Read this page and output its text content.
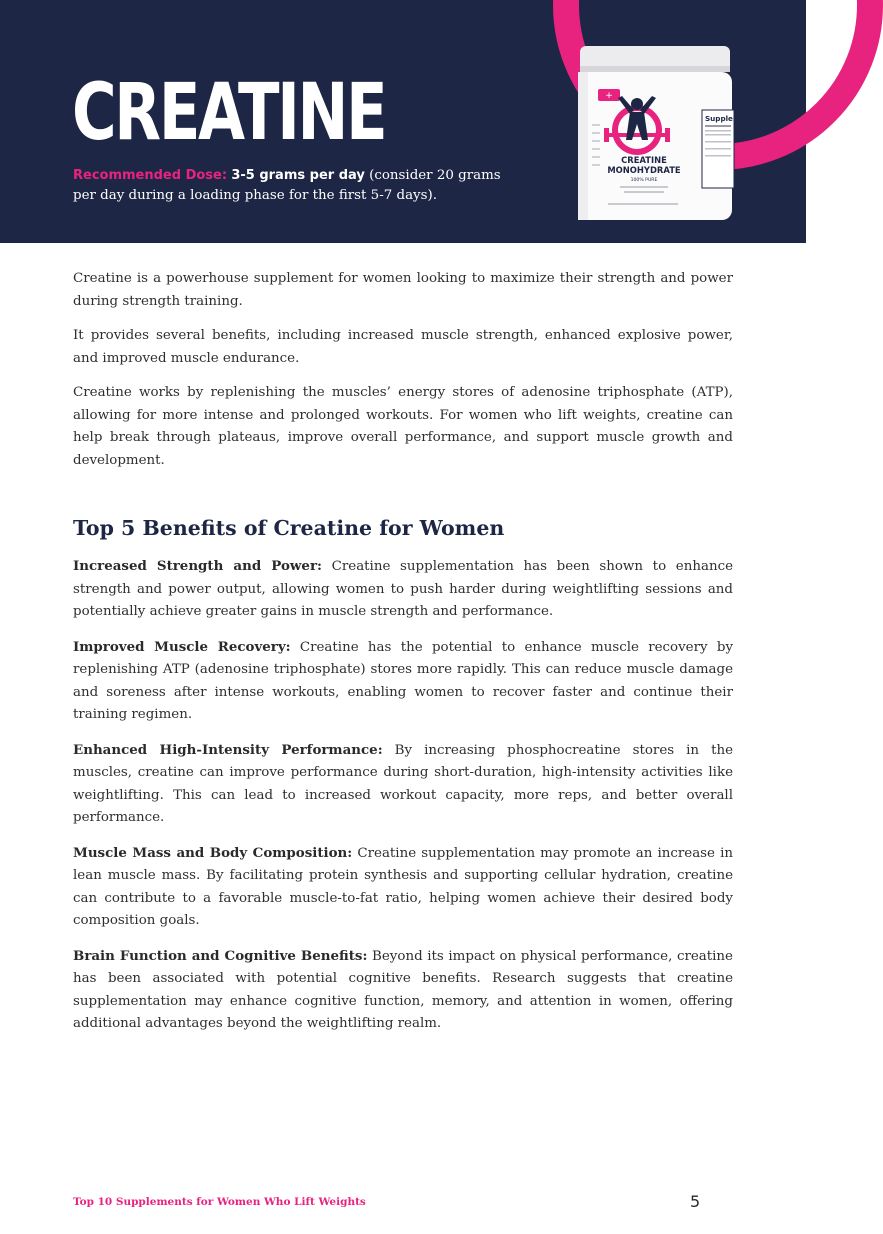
CREATINE
Recommended Dose: 3-5 grams per day (consider 20 grams per day during a loading phase for the first 5-7 days).
+
CREATINE
MONOHYDRATE
100% PURE
Supplement

Creatine is a powerhouse supplement for women looking to maximize their strength and power during strength training.

It provides several benefits, including increased muscle strength, enhanced explosive power, and improved muscle endurance.

Creatine works by replenishing the muscles’ energy stores of adenosine triphosphate (ATP), allowing for more intense and prolonged workouts. For women who lift weights, creatine can help break through plateaus, improve overall performance, and support muscle growth and development.

Top 5 Benefits of Creatine for Women

Increased Strength and Power: Creatine supplementation has been shown to enhance strength and power output, allowing women to push harder during weightlifting sessions and potentially achieve greater gains in muscle strength and performance.

Improved Muscle Recovery: Creatine has the potential to enhance muscle recovery by replenishing ATP (adenosine triphosphate) stores more rapidly. This can reduce muscle damage and soreness after intense workouts, enabling women to recover faster and continue their training regimen.

Enhanced High-Intensity Performance: By increasing phosphocreatine stores in the muscles, creatine can improve performance during short-duration, high-intensity activities like weightlifting. This can lead to increased workout capacity, more reps, and better overall performance.

Muscle Mass and Body Composition: Creatine supplementation may promote an increase in lean muscle mass. By facilitating protein synthesis and supporting cellular hydration, creatine can contribute to a favorable muscle-to-fat ratio, helping women achieve their desired body composition goals.

Brain Function and Cognitive Benefits: Beyond its impact on physical performance, creatine has been associated with potential cognitive benefits. Research suggests that creatine supplementation may enhance cognitive function, memory, and attention in women, offering additional advantages beyond the weightlifting realm.

Top 10 Supplements for Women Who Lift Weights	5
